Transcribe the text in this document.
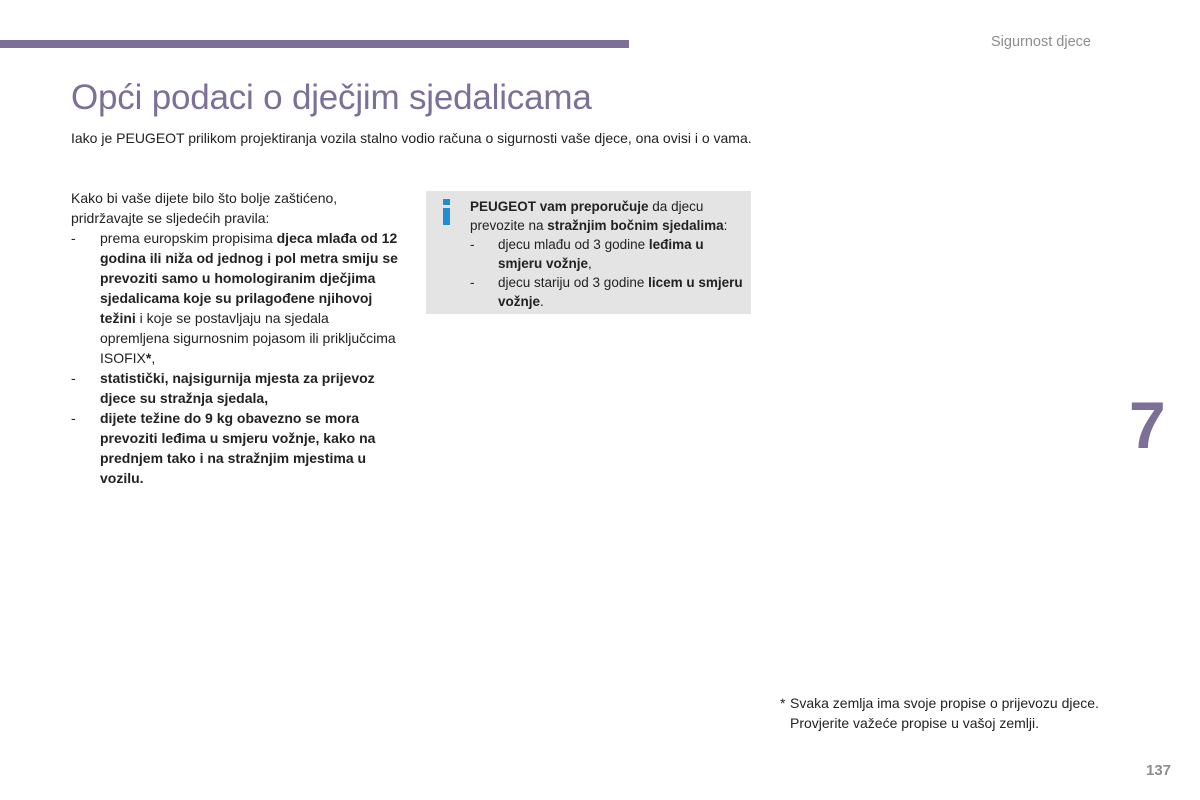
Sigurnost djece
Opći podaci o dječjim sjedalicama
Iako je PEUGEOT prilikom projektiranja vozila stalno vodio računa o sigurnosti vaše djece, ona ovisi i o vama.

Kako bi vaše dijete bilo što bolje zaštićeno, pridržavajte se sljedećih pravila:

- prema europskim propisima djeca mlađa od 12 godina ili niža od jednog i pol metra smiju se prevoziti samo u homologiranim dječjima sjedalicama koje su prilagođene njihovoj težini i koje se postavljaju na sjedala opremljena sigurnosnim pojasom ili priključcima ISOFIX*,
- statistički, najsigurnija mjesta za prijevoz djece su stražnja sjedala,
- dijete težine do 9 kg obavezno se mora prevoziti leđima u smjeru vožnje, kako na prednjem tako i na stražnjim mjestima u vozilu.

PEUGEOT vam preporučuje da djecu prevozite na stražnjim bočnim sjedalima:

- djecu mlađu od 3 godine leđima u smjeru vožnje,
- djecu stariju od 3 godine licem u smjeru vožnje.
7
* Svaka zemlja ima svoje propise o prijevozu djece. Provjerite važeće propise u vašoj zemlji.
137
